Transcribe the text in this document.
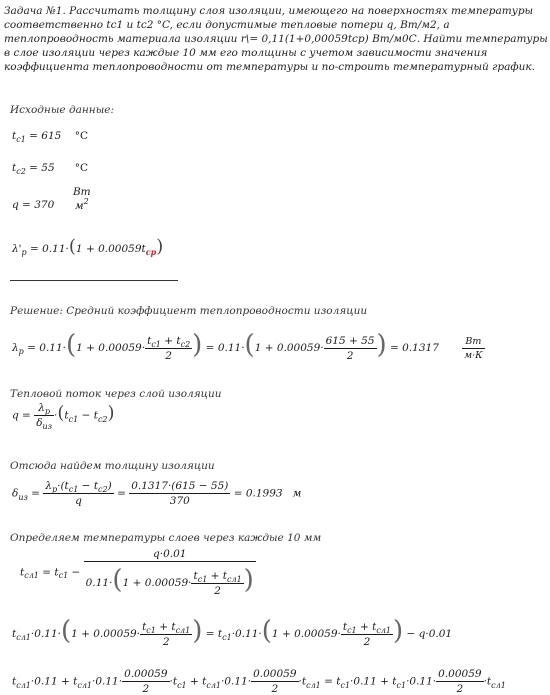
Задача №1. Рассчитать толщину слоя изоляции, имеющего на поверхностях температуры соответственно tc1 и tc2 °C, если допустимые тепловые потери q, Вт/м2, а теплопроводность материала изоляции r\= 0,11(1+0,00059tср) Вт/м0С. Найти температуры в слое изоляции через каждые 10 мм его толщины с учетом зависимости значения коэффициента теплопроводности от температуры и по-строить температурный график.
Исходные данные:
$t_{c1} = 615$ °C
$t_{c2} = 55$ °C
q = 370
Вт
$м^2$
$\lambda'_р = 0.11\cdot(1 + 0.00059t_{ср})$
Решение: Средний коэффициент теплопроводности изоляции
$\lambda_р = 0.11\cdot(1 + 0.00059\cdot \frac{t_{c1} + t_{c2}}{2}$ ) = $0.11\cdot(1 + 0.00059\cdot \frac{615 + 55}{2}$ ) = $0.1317 \frac{Вт}{м\cdot К}$
Тепловой поток через слой изоляции
$q = \frac{\lambda_р}{\delta_{из}} \cdot(t_{c1} - t_{c2})$
Отсюда найдем толщину изоляции
$\delta_{из} = \frac{\lambda_р\cdot(t_{c1} - t_{c2})}{q} = \frac{0.1317\cdot(615 - 55)}{370} = 0.1993$ м
Определяем температуры слоев через каждые 10 мм
$t_{сл1} = t_{c1} - \frac{q\cdot 0.01}{0.11\cdot(1 + 0.00059\cdot \frac{t_{c1} + t_{сл1}}{2} )}$
$t_{сл1}\cdot 0.11\cdot(1 + 0.00059\cdot \frac{t_{c1} + t_{сл1}}{2}$ ) = $t_{c1}\cdot 0.11\cdot(1 + 0.00059\cdot \frac{t_{c1} + t_{сл1}}{2}$ ) − q·0.01
$t_{сл1}\cdot 0.11 + t_{сл1}\cdot 0.11\cdot \frac{0.00059}{2} \cdot t_{c1} + t_{сл1}\cdot 0.11\cdot \frac{0.00059}{2} \cdot t_{сл1} = t_{c1}\cdot 0.11 + t_{c1}\cdot 0.11\cdot \frac{0.00059}{2} \cdot t_{сл1}$
